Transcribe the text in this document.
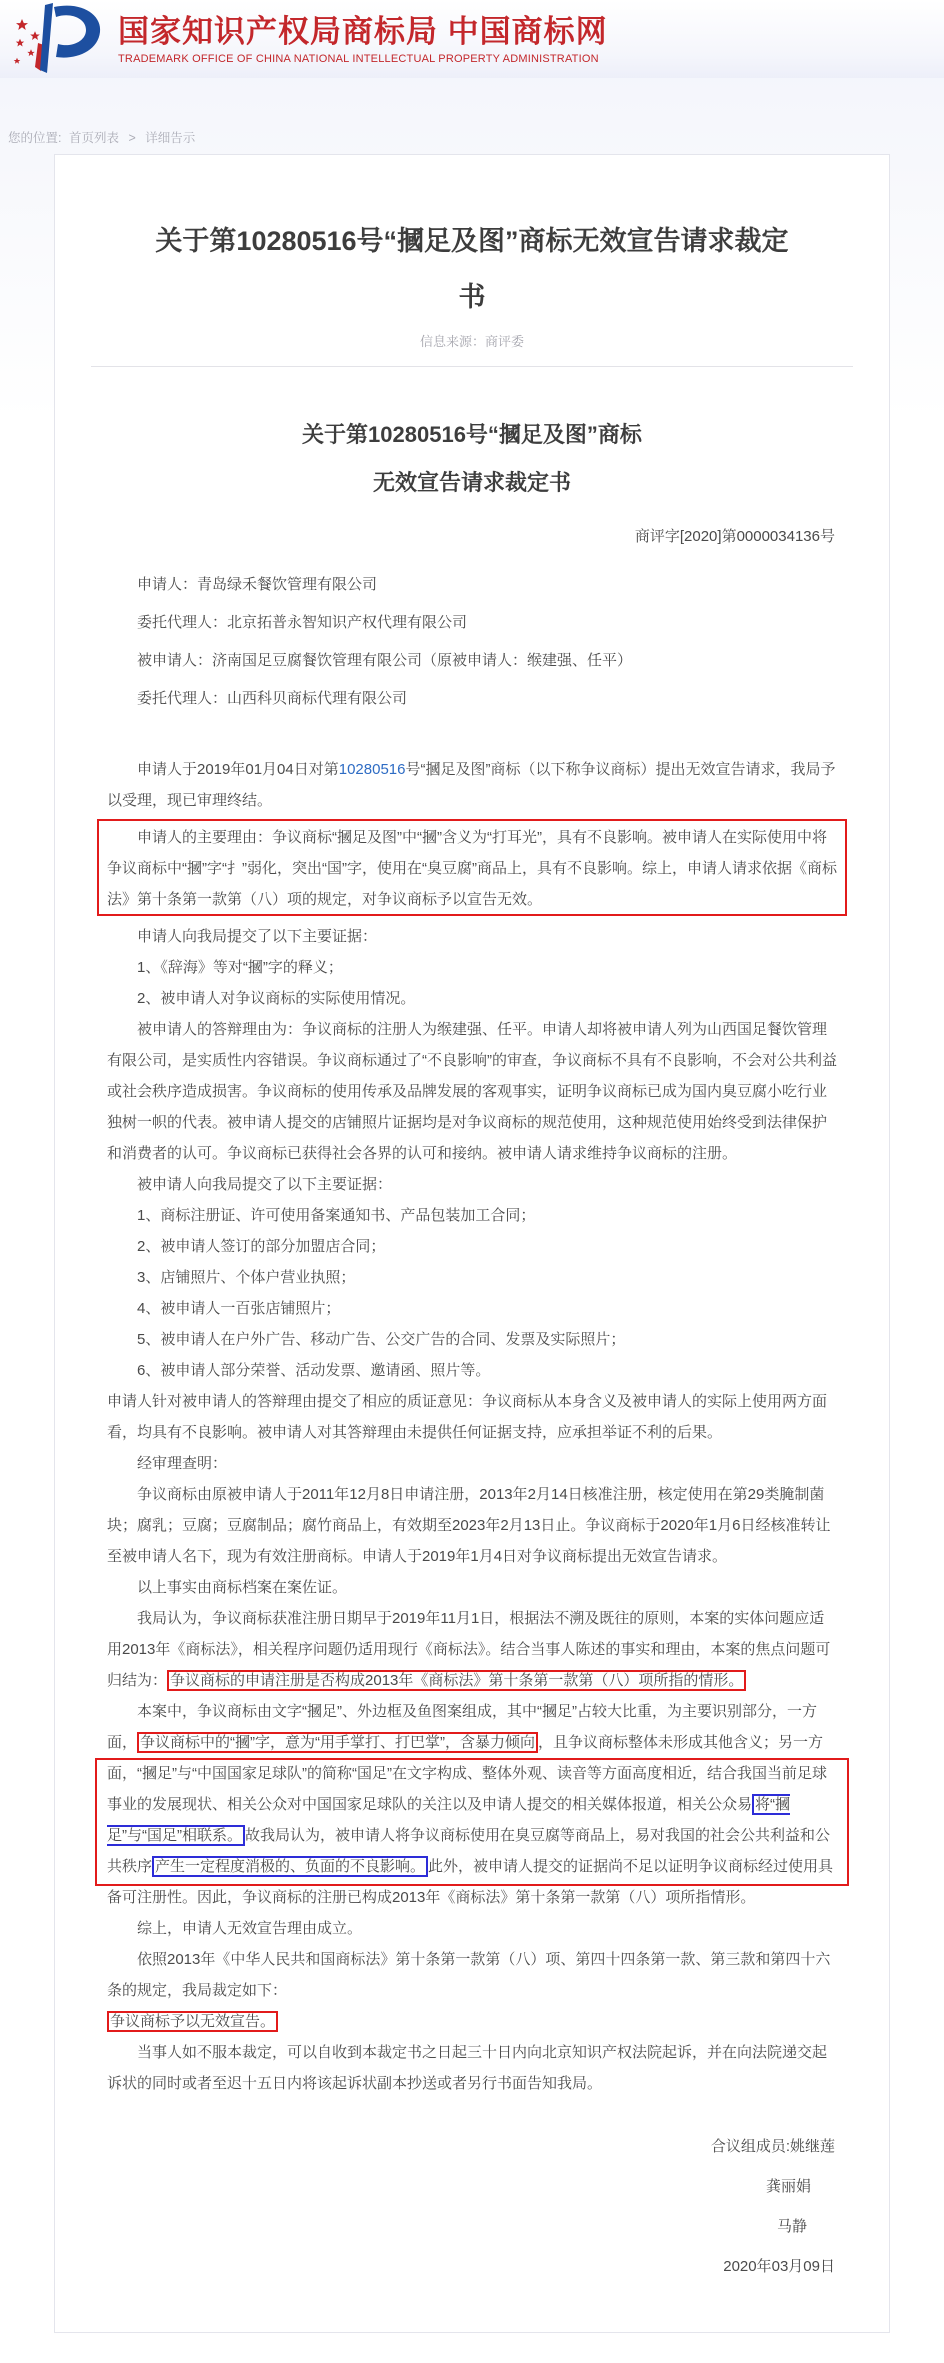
国家知识产权局商标局 中国商标网
TRADEMARK OFFICE OF CHINA NATIONAL INTELLECTUAL PROPERTY ADMINISTRATION
您的位置: 首页列表 > 详细告示
关于第10280516号“摑足及图”商标无效宣告请求裁定书
信息来源：商评委
关于第10280516号“摑足及图”商标
无效宣告请求裁定书
商评字[2020]第0000034136号
申请人：青岛绿禾餐饮管理有限公司
委托代理人：北京拓普永智知识产权代理有限公司
被申请人：济南国足豆腐餐饮管理有限公司（原被申请人：缑建强、任平）
委托代理人：山西科贝商标代理有限公司
申请人于2019年01月04日对第10280516号“摑足及图”商标（以下称争议商标）提出无效宣告请求，我局予以受理，现已审理终结。
申请人的主要理由：争议商标“摑足及图”中“摑”含义为“打耳光”，具有不良影响。被申请人在实际使用中将争议商标中“摑”字“扌”弱化，突出“国”字，使用在“臭豆腐”商品上，具有不良影响。综上，申请人请求依据《商标法》第十条第一款第（八）项的规定，对争议商标予以宣告无效。
申请人向我局提交了以下主要证据：
1、《辞海》等对“摑”字的释义；
2、被申请人对争议商标的实际使用情况。
被申请人的答辩理由为：争议商标的注册人为缑建强、任平。申请人却将被申请人列为山西国足餐饮管理有限公司，是实质性内容错误。争议商标通过了“不良影响”的审查，争议商标不具有不良影响，不会对公共利益或社会秩序造成损害。争议商标的使用传承及品牌发展的客观事实，证明争议商标已成为国内臭豆腐小吃行业独树一帜的代表。被申请人提交的店铺照片证据均是对争议商标的规范使用，这种规范使用始终受到法律保护和消费者的认可。争议商标已获得社会各界的认可和接纳。被申请人请求维持争议商标的注册。
被申请人向我局提交了以下主要证据：
1、商标注册证、许可使用备案通知书、产品包装加工合同；
2、被申请人签订的部分加盟店合同；
3、店铺照片、个体户营业执照；
4、被申请人一百张店铺照片；
5、被申请人在户外广告、移动广告、公交广告的合同、发票及实际照片；
6、被申请人部分荣誉、活动发票、邀请函、照片等。
申请人针对被申请人的答辩理由提交了相应的质证意见：争议商标从本身含义及被申请人的实际上使用两方面看，均具有不良影响。被申请人对其答辩理由未提供任何证据支持，应承担举证不利的后果。
经审理查明：
争议商标由原被申请人于2011年12月8日申请注册，2013年2月14日核准注册，核定使用在第29类腌制菌块；腐乳；豆腐；豆腐制品；腐竹商品上，有效期至2023年2月13日止。争议商标于2020年1月6日经核准转让至被申请人名下，现为有效注册商标。申请人于2019年1月4日对争议商标提出无效宣告请求。
以上事实由商标档案在案佐证。
我局认为，争议商标获准注册日期早于2019年11月1日，根据法不溯及既往的原则，本案的实体问题应适用2013年《商标法》，相关程序问题仍适用现行《商标法》。结合当事人陈述的事实和理由，本案的焦点问题可归结为： 争议商标的申请注册是否构成2013年《商标法》第十条第一款第（八）项所指的情形。
本案中，争议商标由文字“摑足”、外边框及鱼图案组成，其中“摑足”占较大比重，为主要识别部分，一方面， 争议商标中的“摑”字，意为“用手掌打、打巴掌”，含暴力倾向 ，且争议商标整体未形成其他含义；另一方面，“摑足”与“中国国家足球队”的简称“国足”在文字构成、整体外观、读音等方面高度相近，结合我国当前足球事业的发展现状、相关公众对中国国家足球队的关注以及申请人提交的相关媒体报道，相关公众易 将“摑足”与“国足”相联系。 故我局认为，被申请人将争议商标使用在臭豆腐等商品上，易对我国的社会公共利益和公共秩序 产生一定程度消极的、负面的不良影响。 此外，被申请人提交的证据尚不足以证明争议商标经过使用具备可注册性。因此，争议商标的注册已构成2013年《商标法》第十条第一款第（八）项所指情形。
综上，申请人无效宣告理由成立。
依照2013年《中华人民共和国商标法》第十条第一款第（八）项、第四十四条第一款、第三款和第四十六条的规定，我局裁定如下：
争议商标予以无效宣告。
当事人如不服本裁定，可以自收到本裁定书之日起三十日内向北京知识产权法院起诉，并在向法院递交起诉状的同时或者至迟十五日内将该起诉状副本抄送或者另行书面告知我局。
合议组成员:姚继莲
龚丽娟
马静
2020年03月09日
